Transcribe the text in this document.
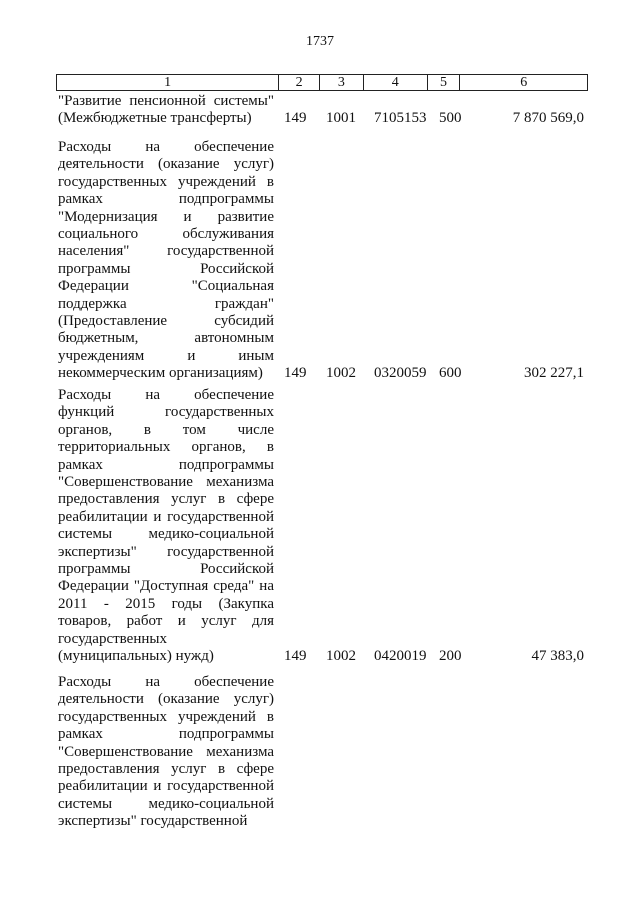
1737
1	2	3	4	5	6
"Развитие пенсионной системы"
(Межбюджетные трансферты)	149 1001 7105153 500	7 870 569,0
Расходы на обеспечение
деятельности (оказание услуг)
государственных учреждений в
рамках подпрограммы
"Модернизация и развитие
социального обслуживания
населения" государственной
программы Российской
Федерации "Социальная
поддержка граждан"
(Предоставление субсидий
бюджетным, автономным
учреждениям и иным
некоммерческим организациям)	149 1002 0320059 600	302 227,1
Расходы на обеспечение
функций государственных
органов, в том числе
территориальных органов, в
рамках подпрограммы
"Совершенствование механизма
предоставления услуг в сфере
реабилитации и государственной
системы медико-социальной
экспертизы" государственной
программы Российской
Федерации "Доступная среда" на
2011 - 2015 годы (Закупка
товаров, работ и услуг для
государственных
(муниципальных) нужд)	149 1002 0420019 200	47 383,0
Расходы на обеспечение
деятельности (оказание услуг)
государственных учреждений в
рамках подпрограммы
"Совершенствование механизма
предоставления услуг в сфере
реабилитации и государственной
системы медико-социальной
экспертизы" государственной
